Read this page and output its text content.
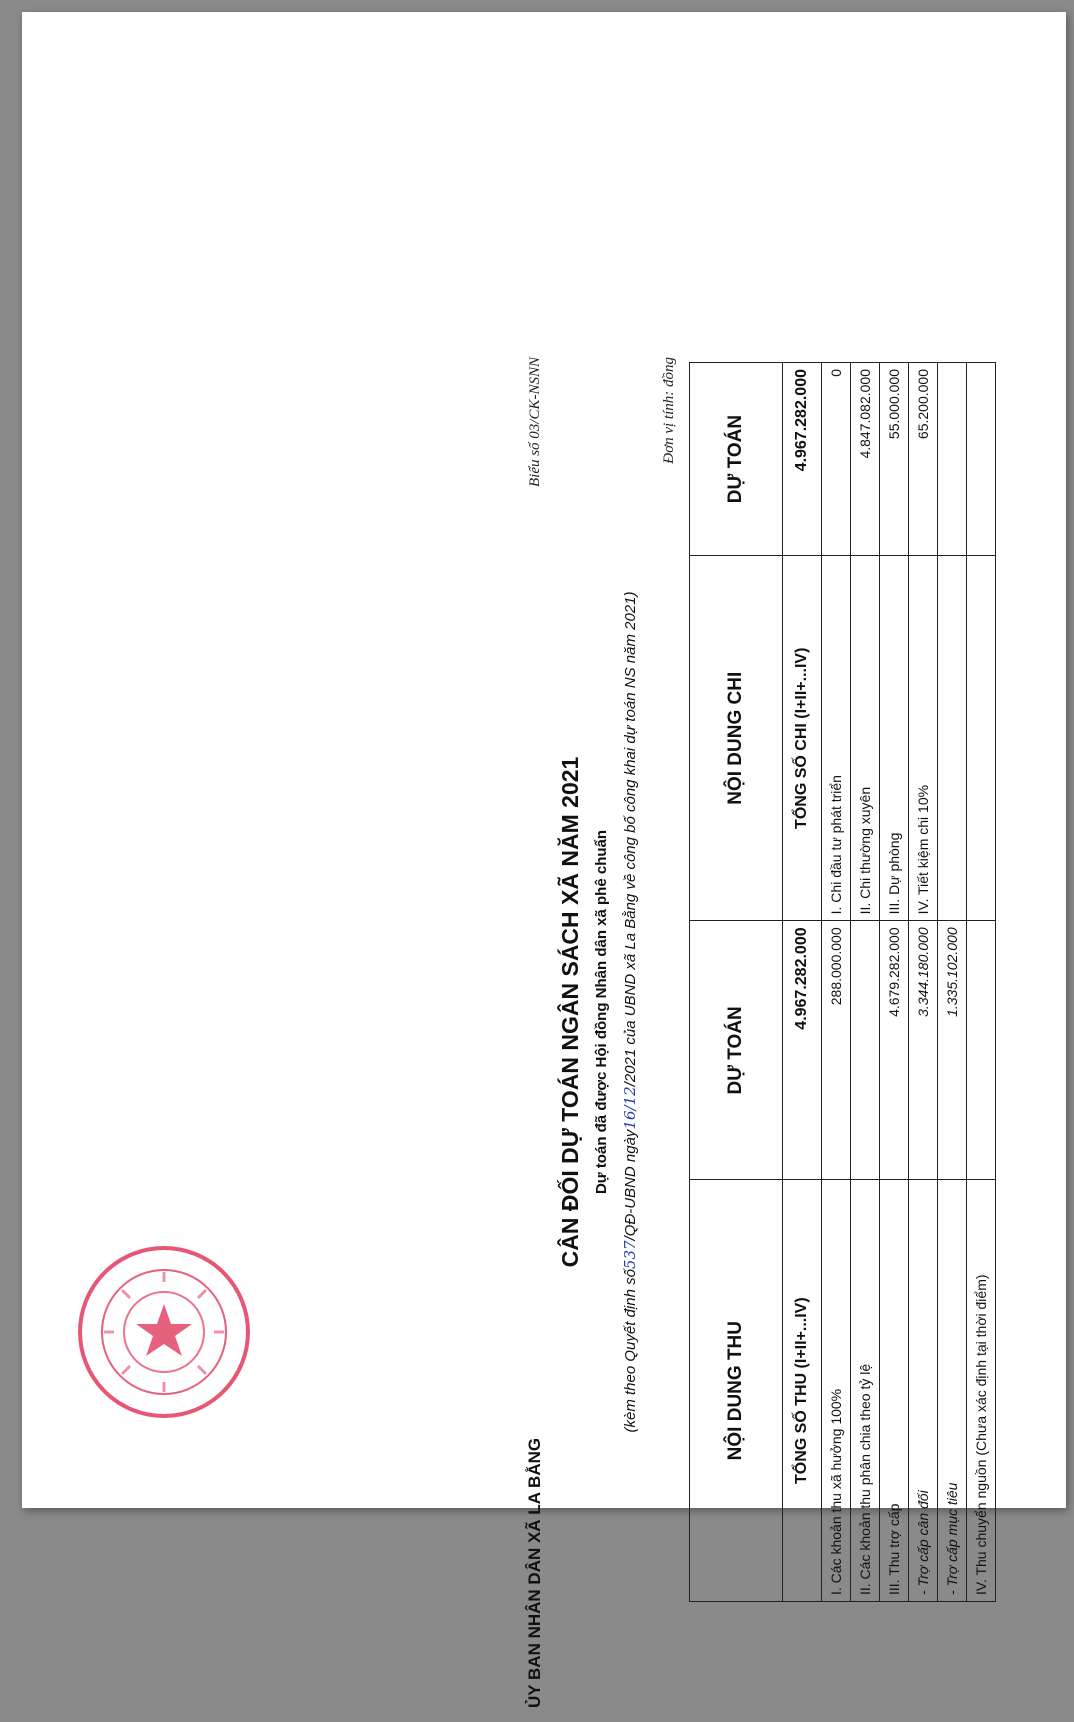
ỦY BAN NHÂN DÂN XÃ LA BẰNG
Biểu số 03/CK-NSNN
CÂN ĐỐI DỰ TOÁN NGÂN SÁCH XÃ NĂM 2021 Dự toán đã được Hội đồng Nhân dân xã phê chuẩn
(kèm theo Quyết định số537/QĐ-UBND ngày16/12/2021 của UBND xã La Bằng về công bố công khai dự toán NS năm 2021)
Đơn vị tính: đồng
NỘI DUNG THU	DỰ TOÁN	NỘI DUNG CHI	DỰ TOÁN
TỔNG SỐ THU (I+II+...IV)	4.967.282.000	TỔNG SỐ CHI (I+II+...IV)	4.967.282.000
I. Các khoản thu xã hưởng 100%	288.000.000	I. Chi đầu tư phát triển	0
II. Các khoản thu phân chia theo tỷ lệ		II. Chi thường xuyên	4.847.082.000
III. Thu trợ cấp	4.679.282.000	III. Dự phòng	55.000.000
- Trợ cấp cân đối	3.344.180.000	IV. Tiết kiệm chi 10%	65.200.000
- Trợ cấp mục tiêu	1.335.102.000		
IV. Thu chuyển nguồn (Chưa xác định tại thời điểm)			
